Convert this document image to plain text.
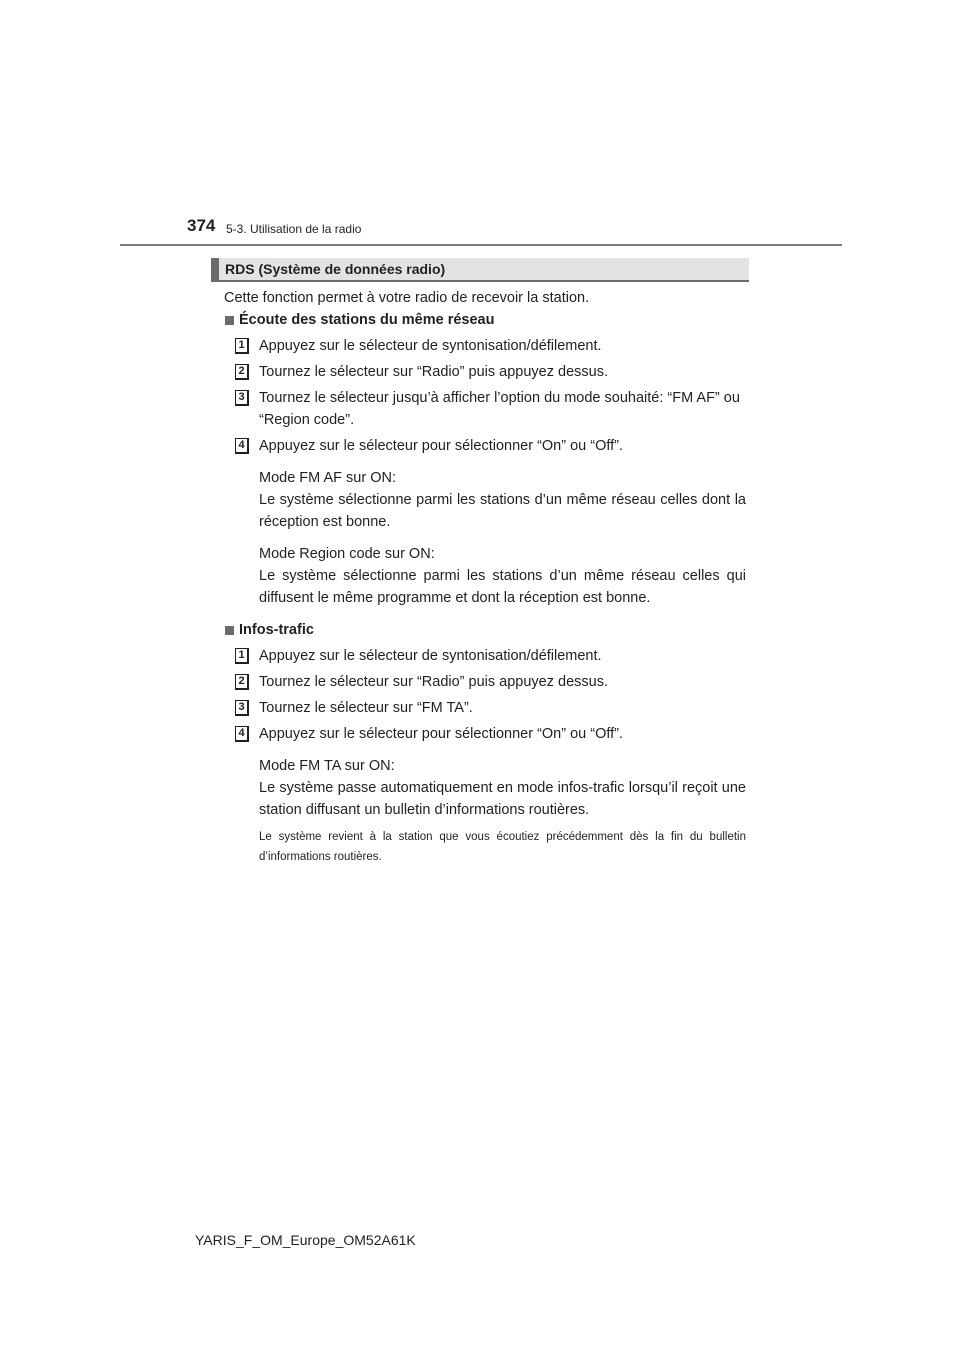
374 5-3. Utilisation de la radio
RDS (Système de données radio)

Cette fonction permet à votre radio de recevoir la station.

Écoute des stations du même réseau
1 Appuyez sur le sélecteur de syntonisation/défilement.
2 Tournez le sélecteur sur “Radio” puis appuyez dessus.
3 Tournez le sélecteur jusqu’à afficher l’option du mode souhaité: “FM AF” ou “Region code”.
4 Appuyez sur le sélecteur pour sélectionner “On” ou “Off”.
Mode FM AF sur ON:
Le système sélectionne parmi les stations d’un même réseau celles dont la réception est bonne.
Mode Region code sur ON:
Le système sélectionne parmi les stations d’un même réseau celles qui diffusent le même programme et dont la réception est bonne.
Infos-trafic
1 Appuyez sur le sélecteur de syntonisation/défilement.
2 Tournez le sélecteur sur “Radio” puis appuyez dessus.
3 Tournez le sélecteur sur “FM TA”.
4 Appuyez sur le sélecteur pour sélectionner “On” ou “Off”.
Mode FM TA sur ON:
Le système passe automatiquement en mode infos-trafic lorsqu’il reçoit une station diffusant un bulletin d’informations routières.
Le système revient à la station que vous écoutiez précédemment dès la fin du bulletin d’informations routières.
YARIS_F_OM_Europe_OM52A61K
